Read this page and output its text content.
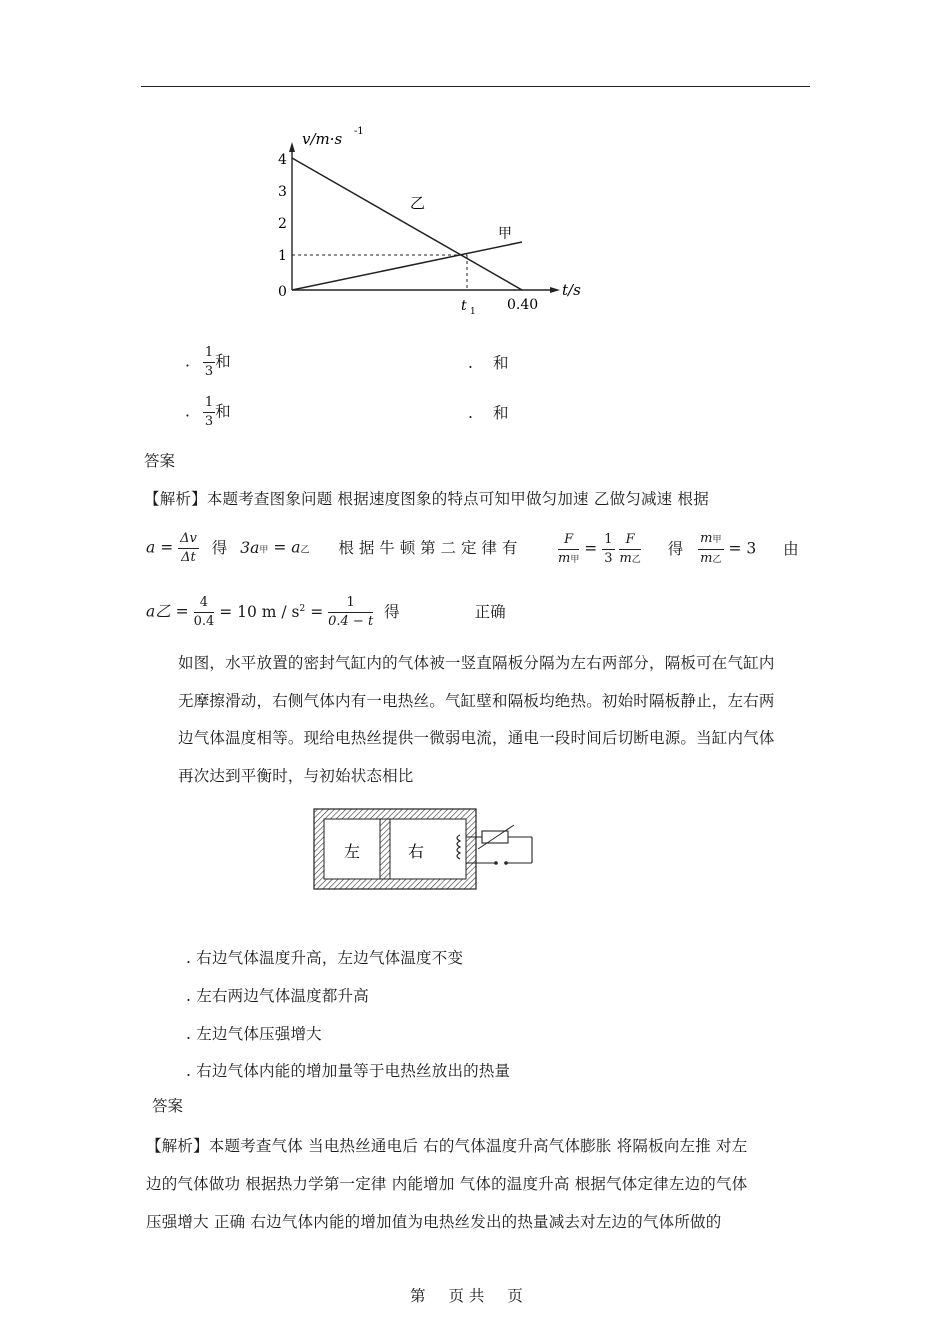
v/m·s -1
t/s
4
3
2
1
0
乙
甲
t 1 0.40
. $\frac{1}{3}$ 和	. 和
. $\frac{1}{3}$ 和	. 和
答案
【解析】本题考查图象问题 根据速度图象的特点可知甲做匀加速 乙做匀减速 根据
$a = \frac{\Delta v}{\Delta t}$ 得 3a甲 = a乙 根 据 牛 顿 第 二 定 律 有	$\frac{F}{\text{m甲}} = \frac{1}{3}$
$\frac{F}{\text{m乙}}$ 得 $\frac{\text{m甲}}{\text{m乙}} = 3$ 由
a乙 = $\frac{4}{0.4} = 10$ $m / s^2 = \frac{1}{0.4 - t}$ 得	正确
如图，水平放置的密封气缸内的气体被一竖直隔板分隔为左右两部分，隔板可在气缸内
无摩擦滑动，右侧气体内有一电热丝。气缸壁和隔板均绝热。初始时隔板静止，左右两
边气体温度相等。现给电热丝提供一微弱电流，通电一段时间后切断电源。当缸内气体
再次达到平衡时，与初始状态相比
左	右
. 右边气体温度升高，左边气体温度不变
. 左右两边气体温度都升高
. 左边气体压强增大
. 右边气体内能的增加量等于电热丝放出的热量
答案
【解析】本题考查气体 当电热丝通电后 右的气体温度升高气体膨胀 将隔板向左推 对左
边的气体做功 根据热力学第一定律 内能增加 气体的温度升高 根据气体定律左边的气体
压强增大 正确 右边气体内能的增加值为电热丝发出的热量减去对左边的气体所做的
第 页 共 页
